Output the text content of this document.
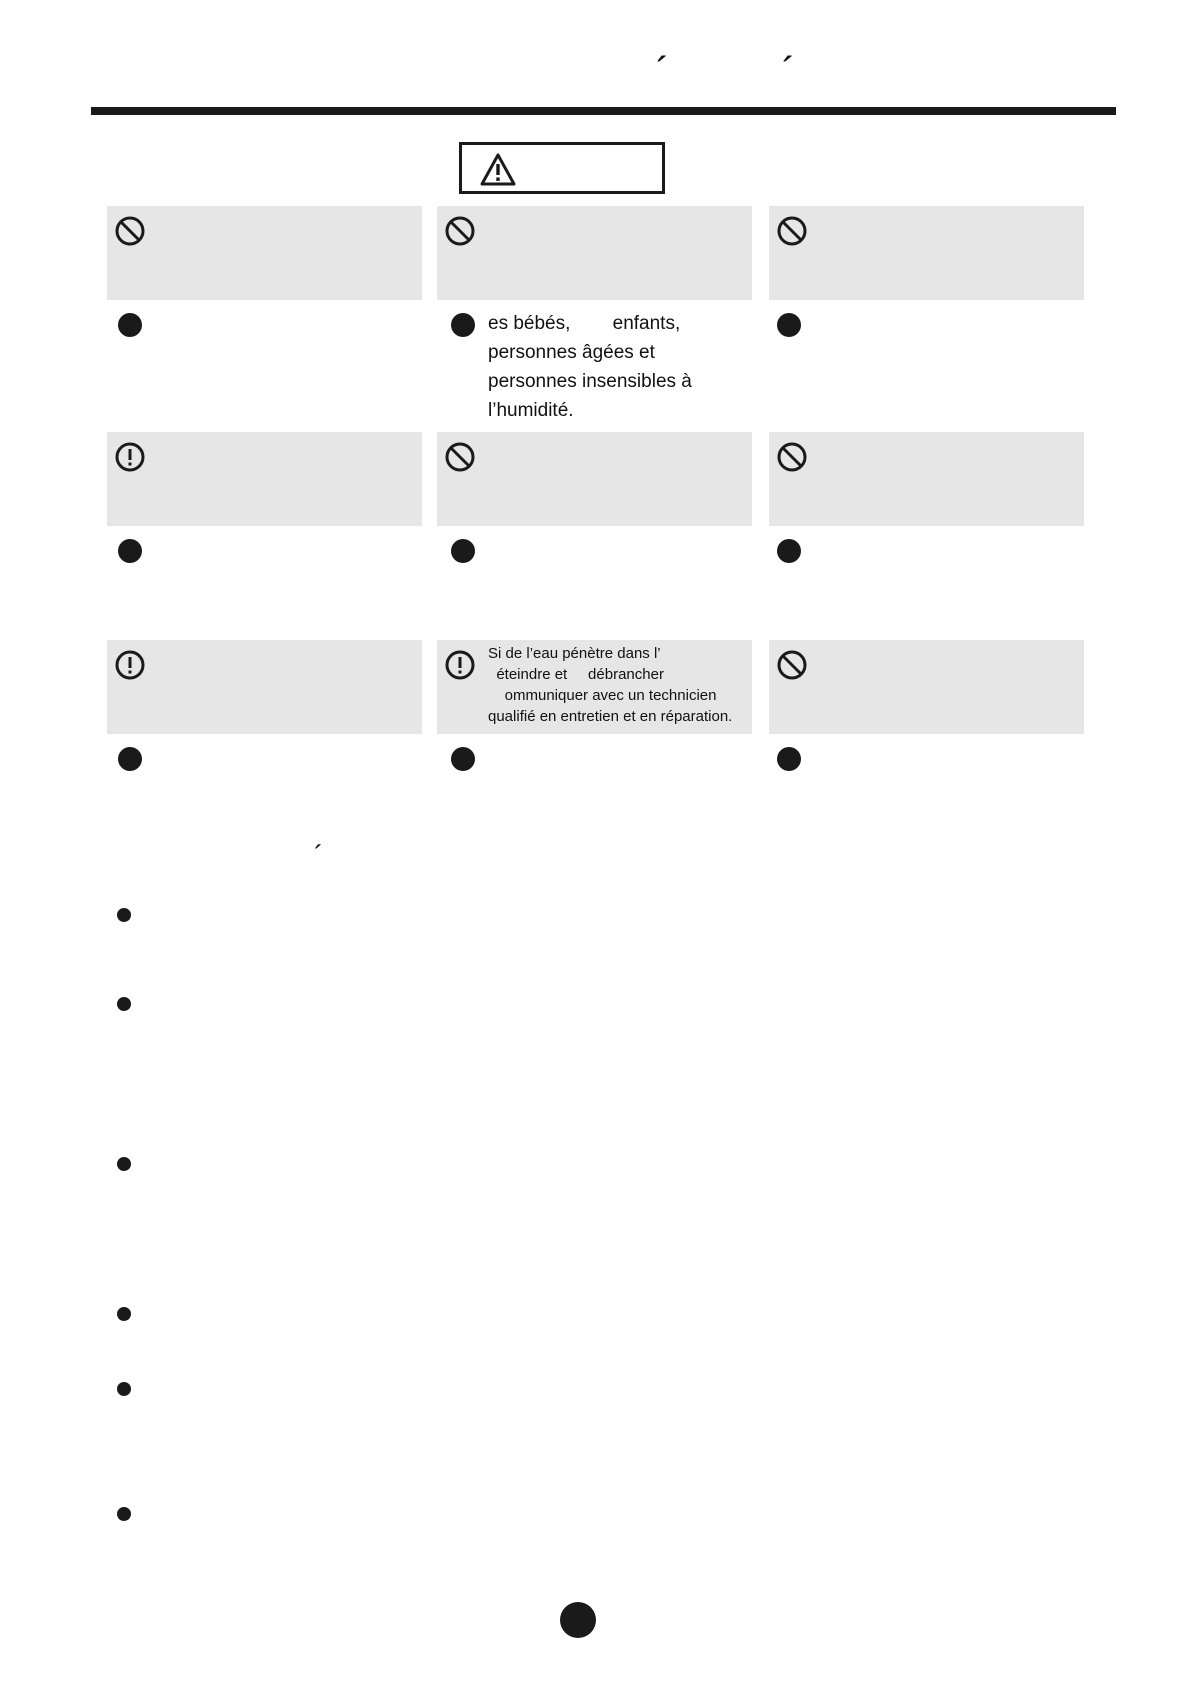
´	´
es bébés,        enfants,
personnes âgées et
personnes insensibles à
l’humidité.
Si de l’eau pénètre dans l’
éteindre et     débrancher
ommuniquer avec un technicien
qualifié en entretien et en réparation.
´
